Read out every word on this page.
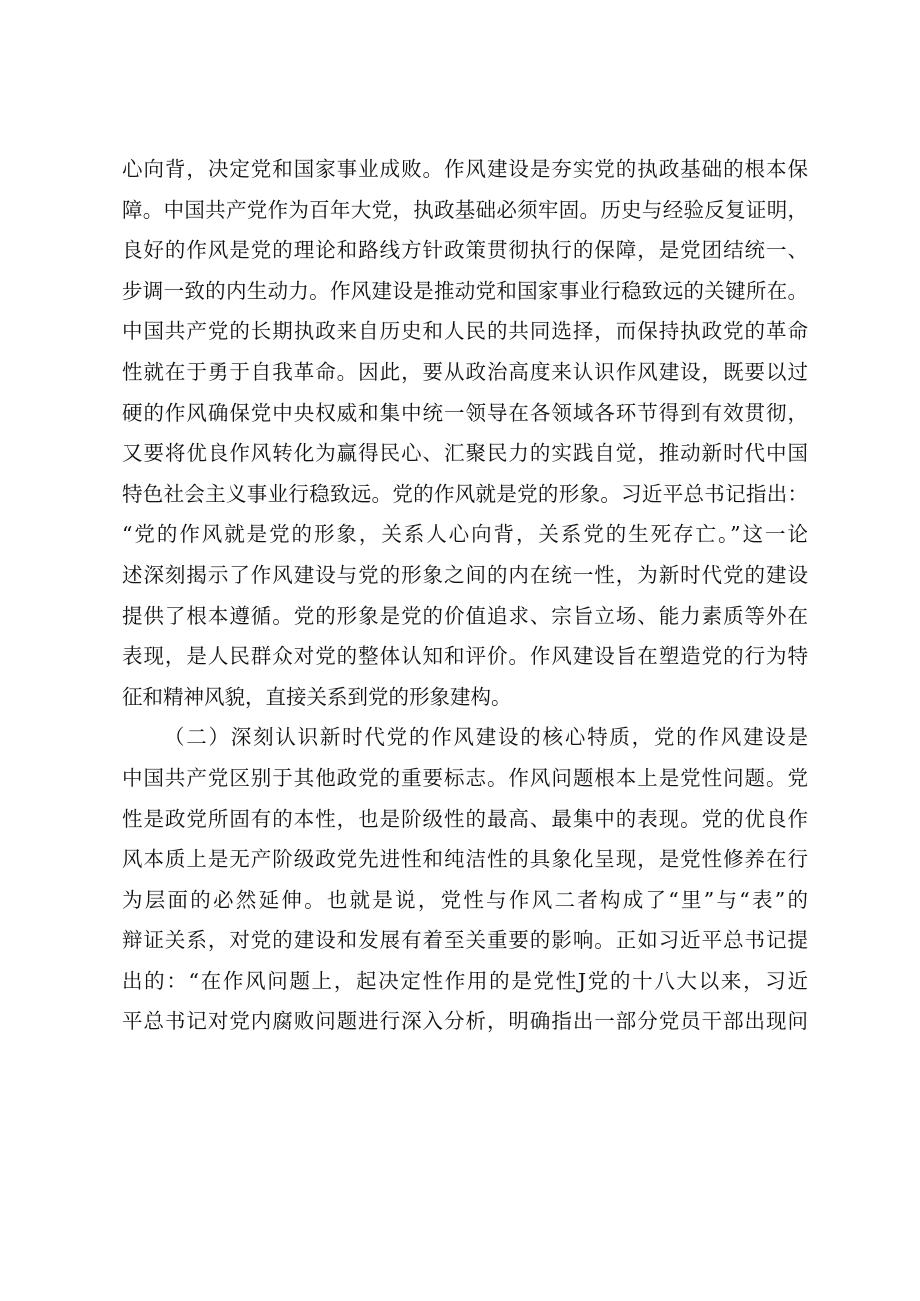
心向背，决定党和国家事业成败。作风建设是夯实党的执政基础的根本保
障。中国共产党作为百年大党，执政基础必须牢固。历史与经验反复证明，
良好的作风是党的理论和路线方针政策贯彻执行的保障，是党团结统一、
步调一致的内生动力。作风建设是推动党和国家事业行稳致远的关键所在。
中国共产党的长期执政来自历史和人民的共同选择，而保持执政党的革命
性就在于勇于自我革命。因此，要从政治高度来认识作风建设，既要以过
硬的作风确保党中央权威和集中统一领导在各领域各环节得到有效贯彻，
又要将优良作风转化为赢得民心、汇聚民力的实践自觉，推动新时代中国
特色社会主义事业行稳致远。党的作风就是党的形象。习近平总书记指出：
“党的作风就是党的形象，关系人心向背，关系党的生死存亡。”这一论
述深刻揭示了作风建设与党的形象之间的内在统一性，为新时代党的建设
提供了根本遵循。党的形象是党的价值追求、宗旨立场、能力素质等外在
表现，是人民群众对党的整体认知和评价。作风建设旨在塑造党的行为特
征和精神风貌，直接关系到党的形象建构。
（二）深刻认识新时代党的作风建设的核心特质，党的作风建设是
中国共产党区别于其他政党的重要标志。作风问题根本上是党性问题。党
性是政党所固有的本性，也是阶级性的最高、最集中的表现。党的优良作
风本质上是无产阶级政党先进性和纯洁性的具象化呈现，是党性修养在行
为层面的必然延伸。也就是说，党性与作风二者构成了“里”与“表”的
辩证关系，对党的建设和发展有着至关重要的影响。正如习近平总书记提
出的：“在作风问题上，起决定性作用的是党性J党的十八大以来，习近
平总书记对党内腐败问题进行深入分析，明确指出一部分党员干部出现问
